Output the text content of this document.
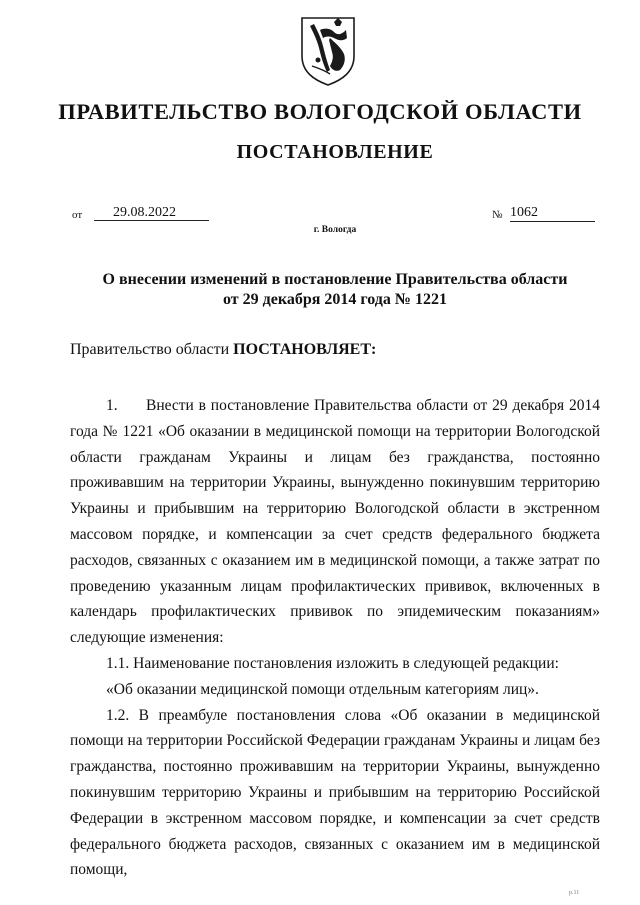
ПРАВИТЕЛЬСТВО ВОЛОГОДСКОЙ ОБЛАСТИ
ПОСТАНОВЛЕНИЕ
от	29.08.2022	№ 1062
г. Вологда
О внесении изменений в постановление Правительства области
от 29 декабря 2014 года № 1221
Правительство области ПОСТАНОВЛЯЕТ:

1. Внести в постановление Правительства области от 29 декабря 2014 года № 1221 «Об оказании в медицинской помощи на территории Вологодской области гражданам Украины и лицам без гражданства, постоянно проживавшим на территории Украины, вынужденно покинувшим территорию Украины и прибывшим на территорию Вологодской области в экстренном массовом порядке, и компенсации за счет средств федерального бюджета расходов, связанных с оказанием им в медицинской помощи, а также затрат по проведению указанным лицам профилактических прививок, включенных в календарь профилактических прививок по эпидемическим показаниям» следующие изменения:

1.1. Наименование постановления изложить в следующей редакции:

«Об оказании медицинской помощи отдельным категориям лиц».

1.2. В преамбуле постановления слова «Об оказании в медицинской помощи на территории Российской Федерации гражданам Украины и лицам без гражданства, постоянно проживавшим на территории Украины, вынужденно покинувшим территорию Украины и прибывшим на территорию Российской Федерации в экстренном массовом порядке, и компенсации за счет средств федерального бюджета расходов, связанных с оказанием им в медицинской помощи,

р.11
